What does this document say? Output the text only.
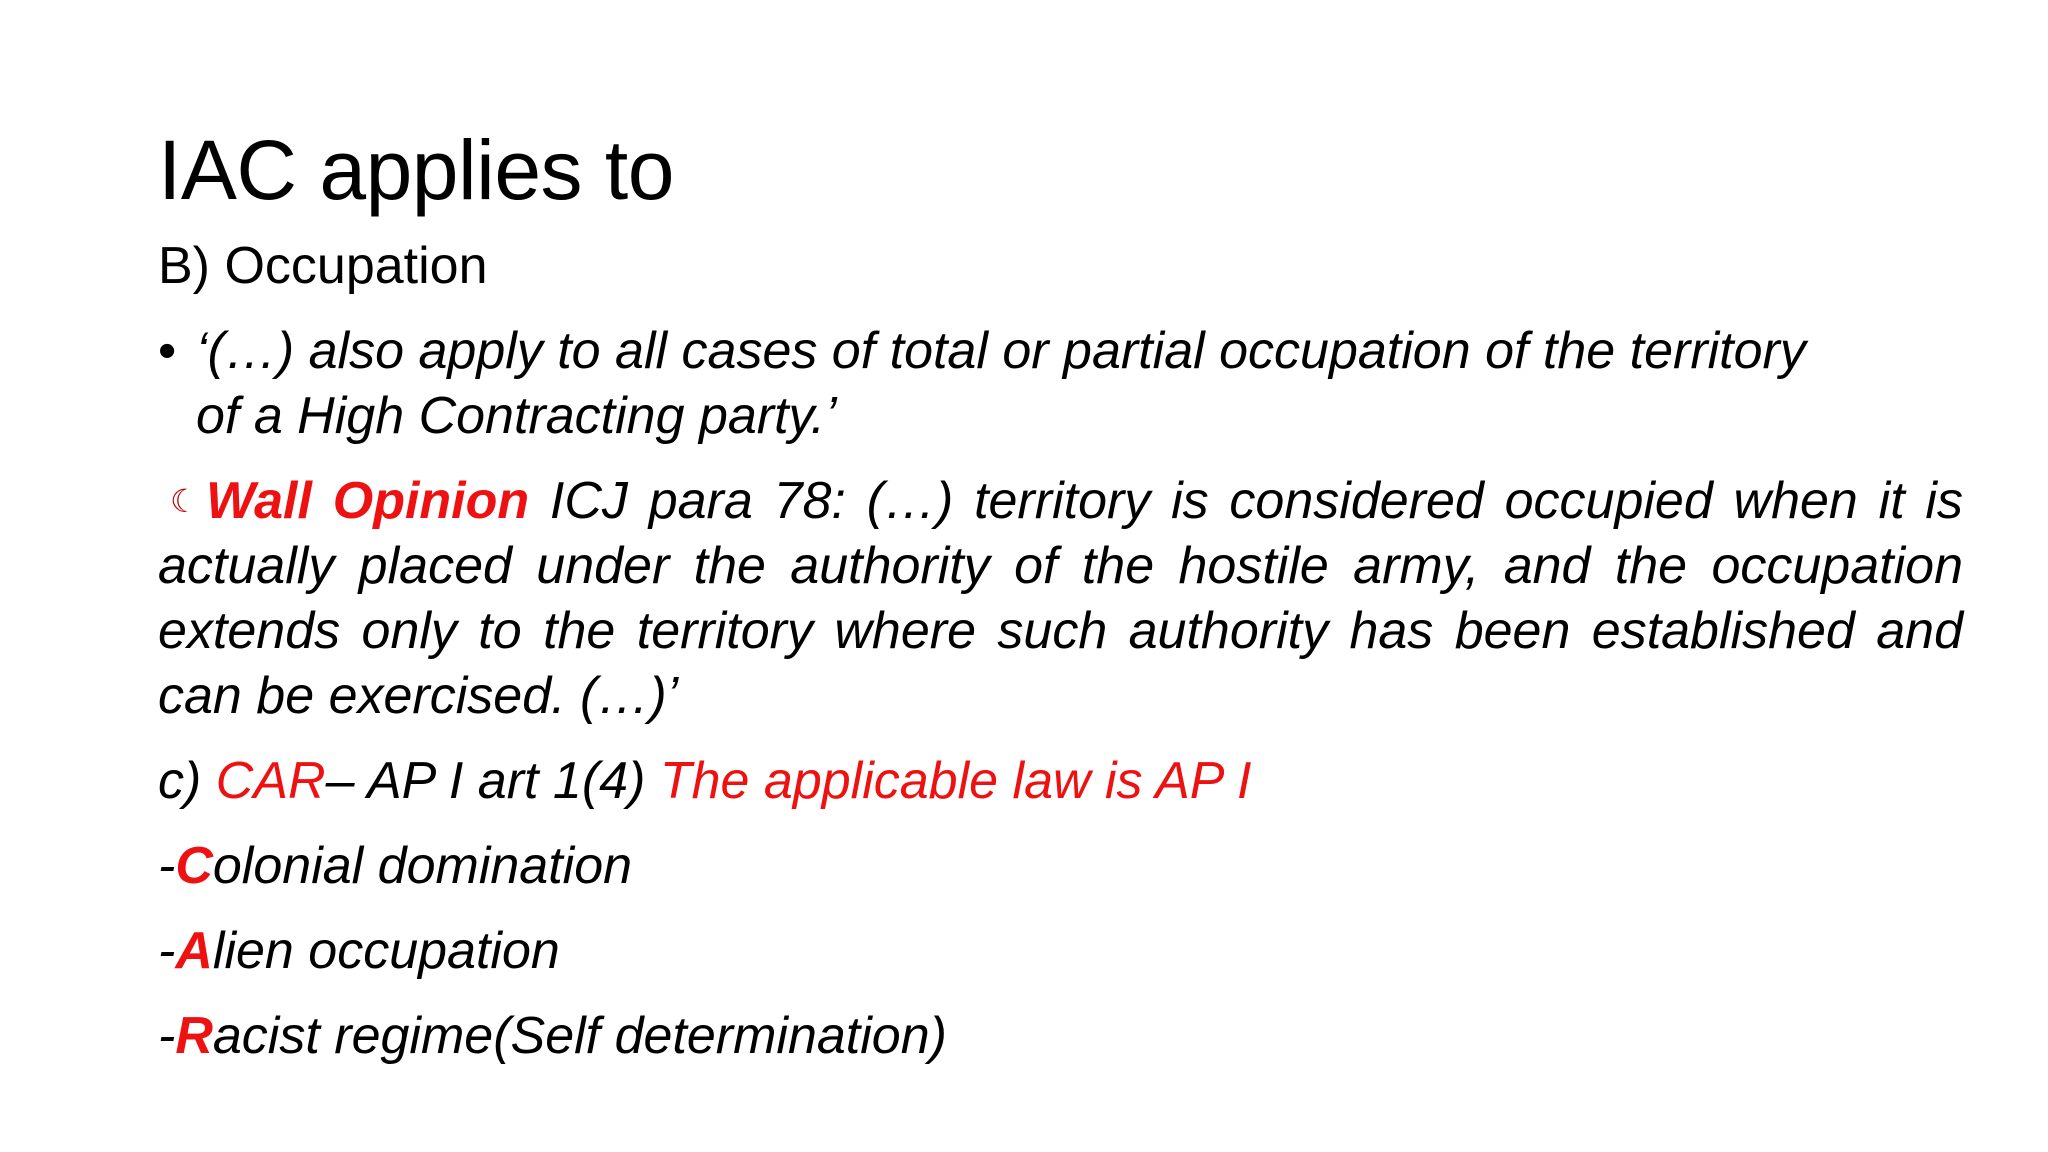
IAC applies to
B) Occupation
• ‘(…) also apply to all cases of total or partial occupation of the territory
of a High Contracting party.’
☾ Wall Opinion ICJ para 78: (…) territory is considered occupied when it is actually placed under the authority of the hostile army, and the occupation extends only to the territory where such authority has been established and can be exercised. (…)’
c) CAR– AP I art 1(4) The applicable law is AP I
-Colonial domination
-Alien occupation
-Racist regime(Self determination)
